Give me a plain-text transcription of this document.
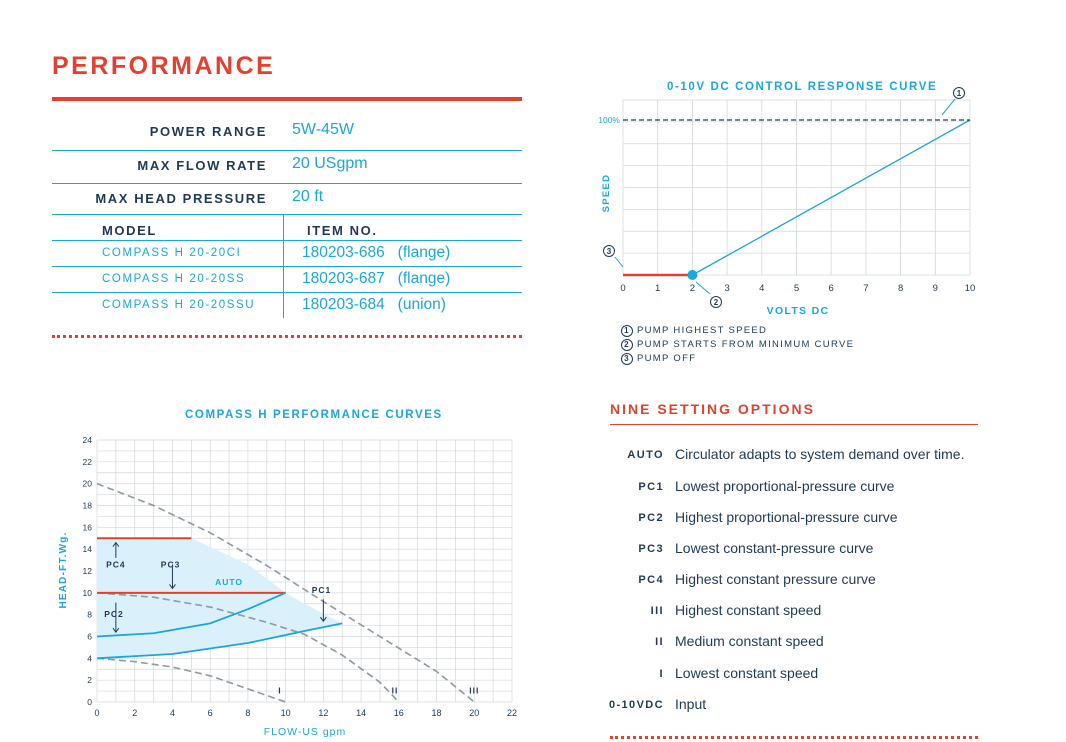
PERFORMANCE
POWER RANGE 5W-45W
MAX FLOW RATE 20 USgpm
MAX HEAD PRESSURE 20 ft
MODEL	ITEM NO.
COMPASS H 20-20CI	180203-686 (flange)
COMPASS H 20-20SS	180203-687 (flange)
COMPASS H 20-20SSU	180203-684 (union)
0-10V DC CONTROL RESPONSE CURVE
0	1	2	3	4	5	6	7	8	9	10
100%
VOLTS DC
SPEED
1
2
3
1 PUMP HIGHEST SPEED
2 PUMP STARTS FROM MINIMUM CURVE
3 PUMP OFF
COMPASS H PERFORMANCE CURVES
0	2	4	6	8	10	12	14	16	18	20	22
0
2
4
6
8
10
12
14
16
18
20
22
24
PC4	PC3
PC2
AUTO
PC1
I	II	III
FLOW-US gpm
HEAD-FT.Wg.
NINE SETTING OPTIONS
AUTO Circulator adapts to system demand over time.
PC1 Lowest proportional-pressure curve
PC2 Highest proportional-pressure curve
PC3 Lowest constant-pressure curve
PC4 Highest constant pressure curve
III Highest constant speed
II Medium constant speed
I Lowest constant speed
0-10VDC Input
